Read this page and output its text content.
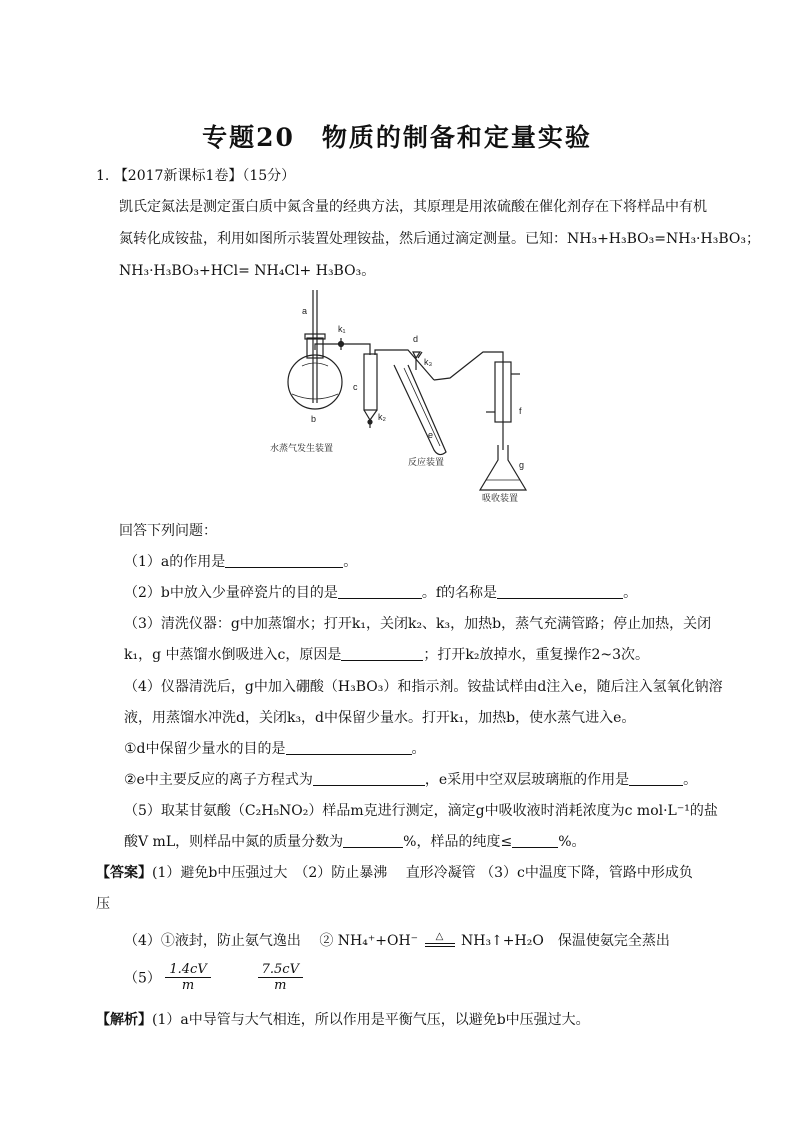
专题20　物质的制备和定量实验
1. 【2017新课标1卷】（15分）
凯氏定氮法是测定蛋白质中氮含量的经典方法，其原理是用浓硫酸在催化剂存在下将样品中有机
氮转化成铵盐，利用如图所示装置处理铵盐，然后通过滴定测量。已知：NH₃+H₃BO₃=NH₃·H₃BO₃；
NH₃·H₃BO₃+HCl= NH₄Cl+ H₃BO₃。
a
b
k₁
c
k₂
d
k₃
e
f
g
水蒸气发生装置
反应装置
吸收装置
回答下列问题：
（1）a的作用是	。
（2）b中放入少量碎瓷片的目的是	。f的名称是	。
（3）清洗仪器：g中加蒸馏水；打开k₁，关闭k₂、k₃，加热b，蒸气充满管路；停止加热，关闭
k₁，g 中蒸馏水倒吸进入c，原因是	；打开k₂放掉水，重复操作2~3次。
（4）仪器清洗后，g中加入硼酸（H₃BO₃）和指示剂。铵盐试样由d注入e，随后注入氢氧化钠溶
液，用蒸馏水冲洗d，关闭k₃，d中保留少量水。打开k₁，加热b，使水蒸气进入e。
①d中保留少量水的目的是	。
②e中主要反应的离子方程式为	，e采用中空双层玻璃瓶的作用是	。
（5）取某甘氨酸（C₂H₅NO₂）样品m克进行测定，滴定g中吸收液时消耗浓度为c mol·L⁻¹的盐
酸V mL，则样品中氮的质量分数为	%，样品的纯度≤	%。
【答案】(1）避免b中压强过大　（2）防止暴沸　 直形冷凝管 （3）c中温度下降，管路中形成负
压
（4）①液封，防止氨气逸出　 ② NH₄⁺+OH⁻ △ NH₃↑+H₂O　保温使氨完全蒸出
$(5) \frac{1.4cV}{m}$
	$\frac{7.5cV}{m}$
【解析】(1）a中导管与大气相连，所以作用是平衡气压，以避免b中压强过大。
